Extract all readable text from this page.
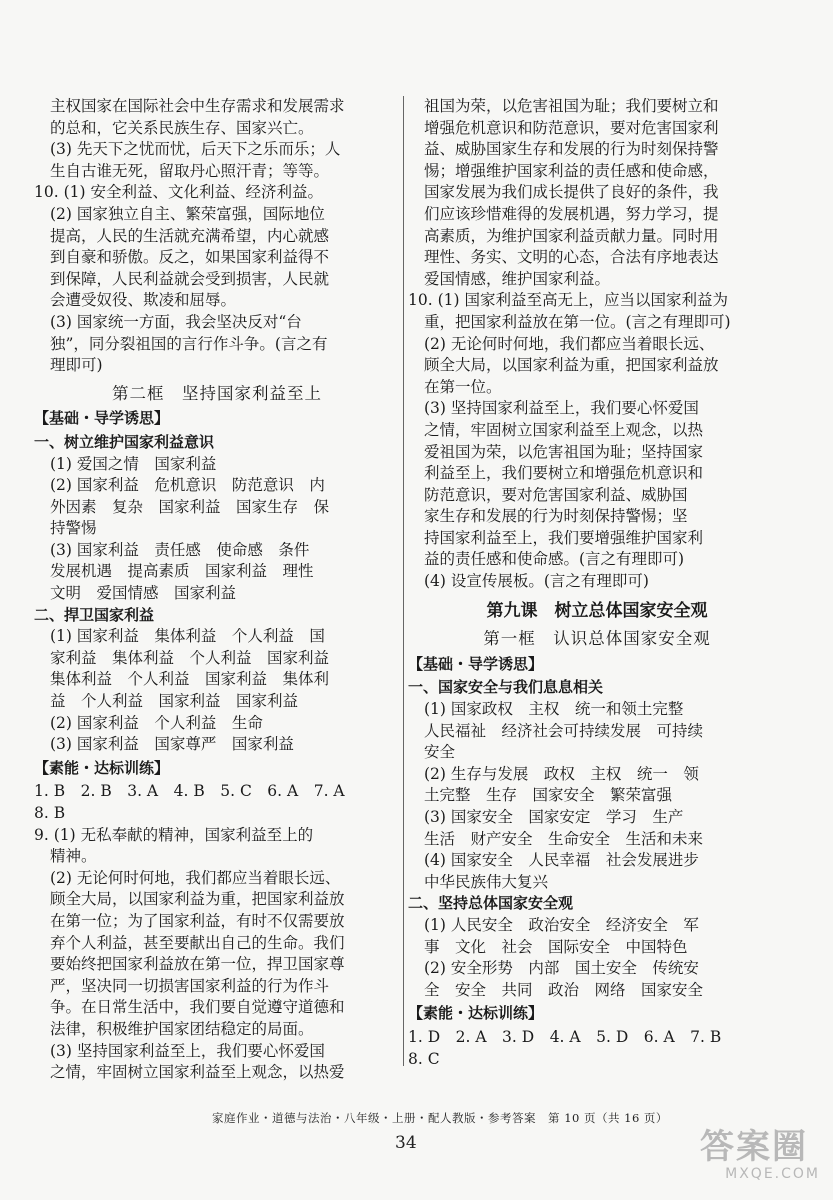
主权国家在国际社会中生存需求和发展需求

的总和，它关系民族生存、国家兴亡。

(3) 先天下之忧而忧，后天下之乐而乐；人

生自古谁无死，留取丹心照汗青；等等。

10. (1) 安全利益、文化利益、经济利益。

(2) 国家独立自主、繁荣富强，国际地位

提高，人民的生活就充满希望，内心就感

到自豪和骄傲。反之，如果国家利益得不

到保障，人民利益就会受到损害，人民就

会遭受奴役、欺凌和屈辱。

(3) 国家统一方面，我会坚决反对“台

独”，同分裂祖国的言行作斗争。(言之有

理即可)

第二框　坚持国家利益至上

【基础・导学诱思】

一、树立维护国家利益意识

(1) 爱国之情　国家利益

(2) 国家利益　危机意识　防范意识　内

外因素　复杂　国家利益　国家生存　保

持警惕

(3) 国家利益　责任感　使命感　条件

发展机遇　提高素质　国家利益　理性

文明　爱国情感　国家利益

二、捍卫国家利益

(1) 国家利益　集体利益　个人利益　国

家利益　集体利益　个人利益　国家利益

集体利益　个人利益　国家利益　集体利

益　个人利益　国家利益　国家利益

(2) 国家利益　个人利益　生命

(3) 国家利益　国家尊严　国家利益

【素能・达标训练】

1. B　2. B　3. A　4. B　5. C　6. A　7. A

8. B

9. (1) 无私奉献的精神，国家利益至上的

精神。

(2) 无论何时何地，我们都应当着眼长远、

顾全大局，以国家利益为重，把国家利益放

在第一位；为了国家利益，有时不仅需要放

弃个人利益，甚至要献出自己的生命。我们

要始终把国家利益放在第一位，捍卫国家尊

严，坚决同一切损害国家利益的行为作斗

争。在日常生活中，我们要自觉遵守道德和

法律，积极维护国家团结稳定的局面。

(3) 坚持国家利益至上，我们要心怀爱国

之情，牢固树立国家利益至上观念，以热爱

祖国为荣，以危害祖国为耻；我们要树立和

增强危机意识和防范意识，要对危害国家利

益、威胁国家生存和发展的行为时刻保持警

惕；增强维护国家利益的责任感和使命感，

国家发展为我们成长提供了良好的条件，我

们应该珍惜难得的发展机遇，努力学习，提

高素质，为维护国家利益贡献力量。同时用

理性、务实、文明的心态，合法有序地表达

爱国情感，维护国家利益。

10. (1) 国家利益至高无上，应当以国家利益为

重，把国家利益放在第一位。(言之有理即可)

(2) 无论何时何地，我们都应当着眼长远、

顾全大局，以国家利益为重，把国家利益放

在第一位。

(3) 坚持国家利益至上，我们要心怀爱国

之情，牢固树立国家利益至上观念，以热

爱祖国为荣，以危害祖国为耻；坚持国家

利益至上，我们要树立和增强危机意识和

防范意识，要对危害国家利益、威胁国

家生存和发展的行为时刻保持警惕；坚

持国家利益至上，我们要增强维护国家利

益的责任感和使命感。(言之有理即可)

(4) 设宣传展板。(言之有理即可)

第九课　树立总体国家安全观

第一框　认识总体国家安全观

【基础・导学诱思】

一、国家安全与我们息息相关

(1) 国家政权　主权　统一和领土完整

人民福祉　经济社会可持续发展　可持续

安全

(2) 生存与发展　政权　主权　统一　领

土完整　生存　国家安全　繁荣富强

(3) 国家安全　国家安定　学习　生产

生活　财产安全　生命安全　生活和未来

(4) 国家安全　人民幸福　社会发展进步

中华民族伟大复兴

二、坚持总体国家安全观

(1) 人民安全　政治安全　经济安全　军

事　文化　社会　国际安全　中国特色

(2) 安全形势　内部　国土安全　传统安

全　安全　共同　政治　网络　国家安全

【素能・达标训练】

1. D　2. A　3. D　4. A　5. D　6. A　7. B

8. C

家庭作业・道德与法治・八年级・上册・配人教版・参考答案　第 10 页（共 16 页）
34	答案圈
MXQE.COM
